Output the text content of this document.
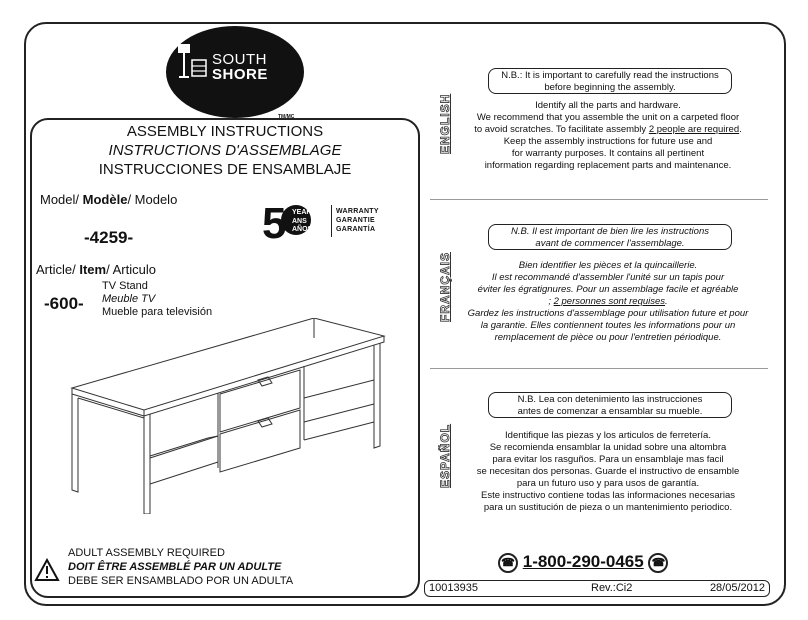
SOUTH
SHORE
TM/MC
ASSEMBLY INSTRUCTIONS
INSTRUCTIONS D'ASSEMBLAGE
INSTRUCCIONES DE ENSAMBLAJE
Model/ Modèle/ Modelo
-4259-	5 YEARS
ANS
AÑOS
WARRANTY
GARANTIE
GARANTÍA
Article/ Item/ Articulo
-600-
TV Stand
Meuble TV
Mueble para televisión
ADULT ASSEMBLY REQUIRED
DOIT ÊTRE ASSEMBLÉ PAR UN ADULTE
DEBE SER ENSAMBLADO POR UN ADULTA
ENGLISH
N.B.: It is important to carefully read the instructions
before beginning the assembly.
Identify all the parts and hardware.
We recommend that you assemble the unit on a carpeted floor
to avoid scratches. To facilitate assembly 2 people are required.
Keep the assembly instructions for future use and
for warranty purposes. It contains all pertinent
information regarding replacement parts and maintenance.
FRANÇAIS
N.B. Il est important de bien lire les instructions
avant de commencer l'assemblage.
Bien identifier les pièces et la quincaillerie.
Il est recommandé d'assembler l'unité sur un tapis pour
éviter les égratignures. Pour un assemblage facile et agréable
; 2 personnes sont requises.
Gardez les instructions d'assemblage pour utilisation future et pour
la garantie. Elles contiennent toutes les informations pour un
remplacement de pièce ou pour l'entretien périodique.
ESPAÑOL
N.B. Lea con detenimiento las instrucciones
antes de comenzar a ensamblar su mueble.
Identifique las piezas y los articulos de ferretería.
Se recomienda ensamblar la unidad sobre una altombra
para evitar los rasguños. Para un ensamblaje mas facil
se necesitan dos personas. Guarde el instructivo de ensamble
para un futuro uso y para usos de garantía.
Este instructivo contiene todas las informaciones necesarias
para un sustitución de pieza o un mantenimiento periodico.
☎ 1-800-290-0465 ☎
10013935	Rev.:Ci2	28/05/2012
